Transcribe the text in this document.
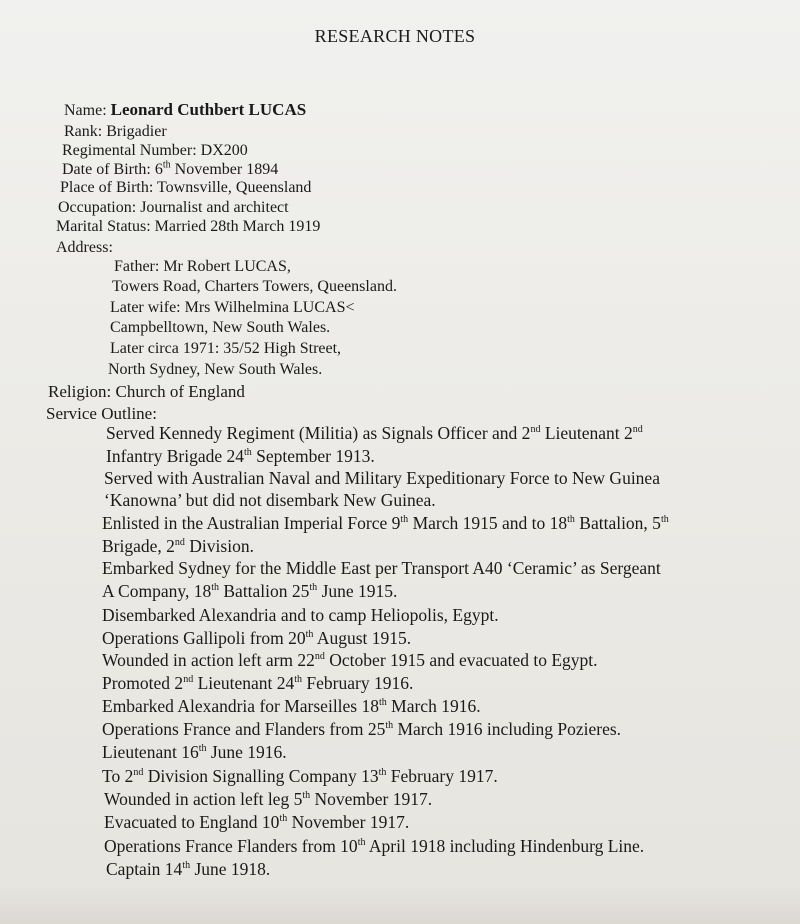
RESEARCH NOTES
Name: Leonard Cuthbert LUCAS
Rank: Brigadier
Regimental Number: DX200
Date of Birth: 6th November 1894
Place of Birth: Townsville, Queensland
Occupation: Journalist and architect
Marital Status: Married 28th March 1919
Address:
Father: Mr Robert LUCAS,
Towers Road, Charters Towers, Queensland.
Later wife: Mrs Wilhelmina LUCAS<
Campbelltown, New South Wales.
Later circa 1971: 35/52 High Street,
North Sydney, New South Wales.
Religion: Church of England
Service Outline:
Served Kennedy Regiment (Militia) as Signals Officer and 2nd Lieutenant 2nd
Infantry Brigade 24th September 1913.
Served with Australian Naval and Military Expeditionary Force to New Guinea
‘Kanowna’ but did not disembark New Guinea.
Enlisted in the Australian Imperial Force 9th March 1915 and to 18th Battalion, 5th
Brigade, 2nd Division.
Embarked Sydney for the Middle East per Transport A40 ‘Ceramic’ as Sergeant
A Company, 18th Battalion 25th June 1915.
Disembarked Alexandria and to camp Heliopolis, Egypt.
Operations Gallipoli from 20th August 1915.
Wounded in action left arm 22nd October 1915 and evacuated to Egypt.
Promoted 2nd Lieutenant 24th February 1916.
Embarked Alexandria for Marseilles 18th March 1916.
Operations France and Flanders from 25th March 1916 including Pozieres.
Lieutenant 16th June 1916.
To 2nd Division Signalling Company 13th February 1917.
Wounded in action left leg 5th November 1917.
Evacuated to England 10th November 1917.
Operations France Flanders from 10th April 1918 including Hindenburg Line.
Captain 14th June 1918.
